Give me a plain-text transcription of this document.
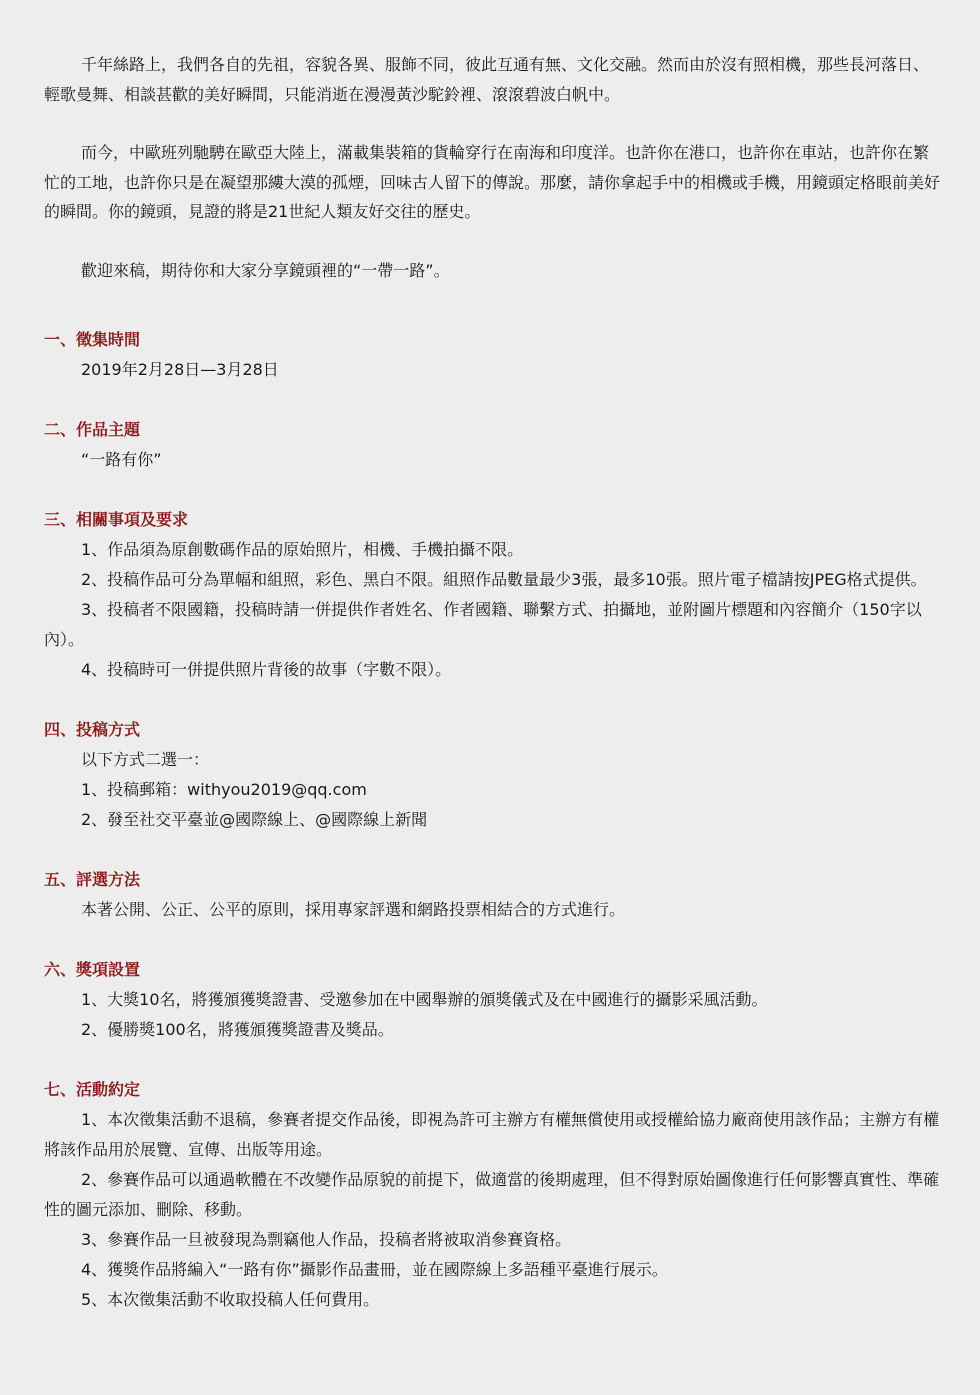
千年絲路上，我們各自的先祖，容貌各異、服飾不同，彼此互通有無、文化交融。然而由於沒有照相機，那些長河落日、輕歌曼舞、相談甚歡的美好瞬間，只能消逝在漫漫黃沙駝鈴裡、滾滾碧波白帆中。

而今，中歐班列馳騁在歐亞大陸上，滿載集裝箱的貨輪穿行在南海和印度洋。也許你在港口，也許你在車站，也許你在繁忙的工地，也許你只是在凝望那縷大漠的孤煙，回味古人留下的傳說。那麼，請你拿起手中的相機或手機，用鏡頭定格眼前美好的瞬間。你的鏡頭，見證的將是21世紀人類友好交往的歷史。

歡迎來稿，期待你和大家分享鏡頭裡的“一帶一路”。

一、徵集時間

2019年2月28日—3月28日

二、作品主題

“一路有你”

三、相關事項及要求

1、作品須為原創數碼作品的原始照片，相機、手機拍攝不限。

2、投稿作品可分為單幅和組照，彩色、黑白不限。組照作品數量最少3張，最多10張。照片電子檔請按JPEG格式提供。

3、投稿者不限國籍，投稿時請一併提供作者姓名、作者國籍、聯繫方式、拍攝地，並附圖片標題和內容簡介（150字以內）。

4、投稿時可一併提供照片背後的故事（字數不限）。

四、投稿方式

以下方式二選一：

1、投稿郵箱：withyou2019@qq.com

2、發至社交平臺並@國際線上、@國際線上新聞

五、評選方法

本著公開、公正、公平的原則，採用專家評選和網路投票相結合的方式進行。

六、獎項設置

1、大獎10名，將獲頒獲獎證書、受邀參加在中國舉辦的頒獎儀式及在中國進行的攝影采風活動。

2、優勝獎100名，將獲頒獲獎證書及獎品。

七、活動約定

1、本次徵集活動不退稿，參賽者提交作品後，即視為許可主辦方有權無償使用或授權給協力廠商使用該作品；主辦方有權將該作品用於展覽、宣傳、出版等用途。

2、參賽作品可以通過軟體在不改變作品原貌的前提下，做適當的後期處理，但不得對原始圖像進行任何影響真實性、準確性的圖元添加、刪除、移動。

3、參賽作品一旦被發現為剽竊他人作品，投稿者將被取消參賽資格。

4、獲獎作品將編入“一路有你”攝影作品畫冊，並在國際線上多語種平臺進行展示。

5、本次徵集活動不收取投稿人任何費用。
